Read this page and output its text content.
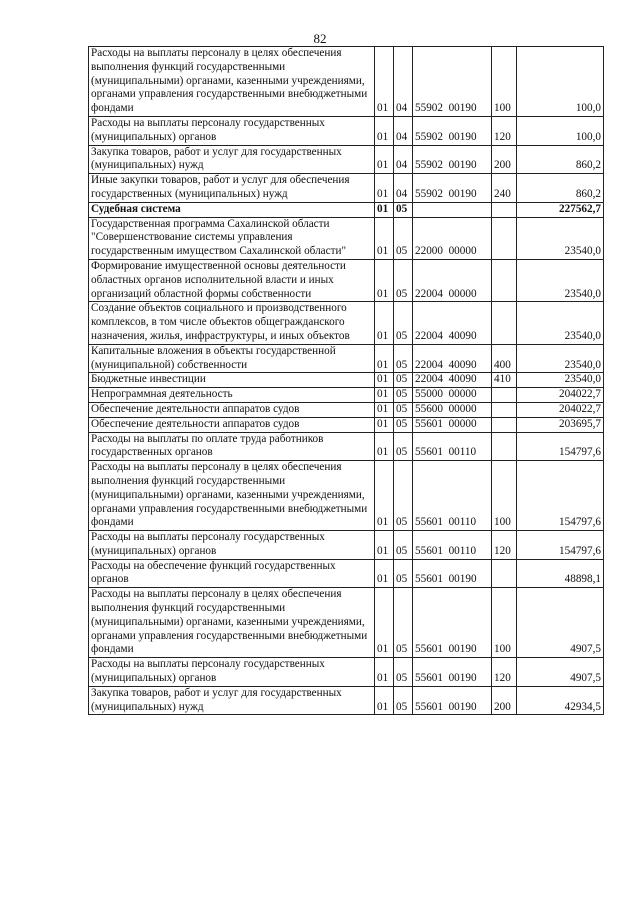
82
Расходы на выплаты персоналу в целях обеспечения выполнения функций государственными (муниципальными) органами, казенными учреждениями, органами управления государственными внебюджетными фондами	01	04	55902  00190	100	100,0
Расходы на выплаты персоналу государственных (муниципальных) органов	01	04	55902  00190	120	100,0
Закупка товаров, работ и услуг для государственных (муниципальных) нужд	01	04	55902  00190	200	860,2
Иные закупки товаров, работ и услуг для обеспечения государственных (муниципальных) нужд	01	04	55902  00190	240	860,2
Судебная система	01	05			227562,7
Государственная программа Сахалинской области "Совершенствование системы управления государственным имуществом Сахалинской области"	01	05	22000  00000		23540,0
Формирование имущественной основы деятельности областных органов исполнительной власти и иных организаций областной формы собственности	01	05	22004  00000		23540,0
Создание объектов социального и производственного комплексов, в том числе объектов общегражданского назначения, жилья, инфраструктуры, и иных объектов	01	05	22004  40090		23540,0
Капитальные вложения в объекты государственной (муниципальной) собственности	01	05	22004  40090	400	23540,0
Бюджетные инвестиции	01	05	22004  40090	410	23540,0
Непрограммная деятельность	01	05	55000  00000		204022,7
Обеспечение деятельности аппаратов судов	01	05	55600  00000		204022,7
Обеспечение деятельности аппаратов судов	01	05	55601  00000		203695,7
Расходы на выплаты по оплате труда работников государственных органов	01	05	55601  00110		154797,6
Расходы на выплаты персоналу в целях обеспечения выполнения функций государственными (муниципальными) органами, казенными учреждениями, органами управления государственными внебюджетными фондами	01	05	55601  00110	100	154797,6
Расходы на выплаты персоналу государственных (муниципальных) органов	01	05	55601  00110	120	154797,6
Расходы на обеспечение функций государственных органов	01	05	55601  00190		48898,1
Расходы на выплаты персоналу в целях обеспечения выполнения функций государственными (муниципальными) органами, казенными учреждениями, органами управления государственными внебюджетными фондами	01	05	55601  00190	100	4907,5
Расходы на выплаты персоналу государственных (муниципальных) органов	01	05	55601  00190	120	4907,5
Закупка товаров, работ и услуг для государственных (муниципальных) нужд	01	05	55601  00190	200	42934,5
